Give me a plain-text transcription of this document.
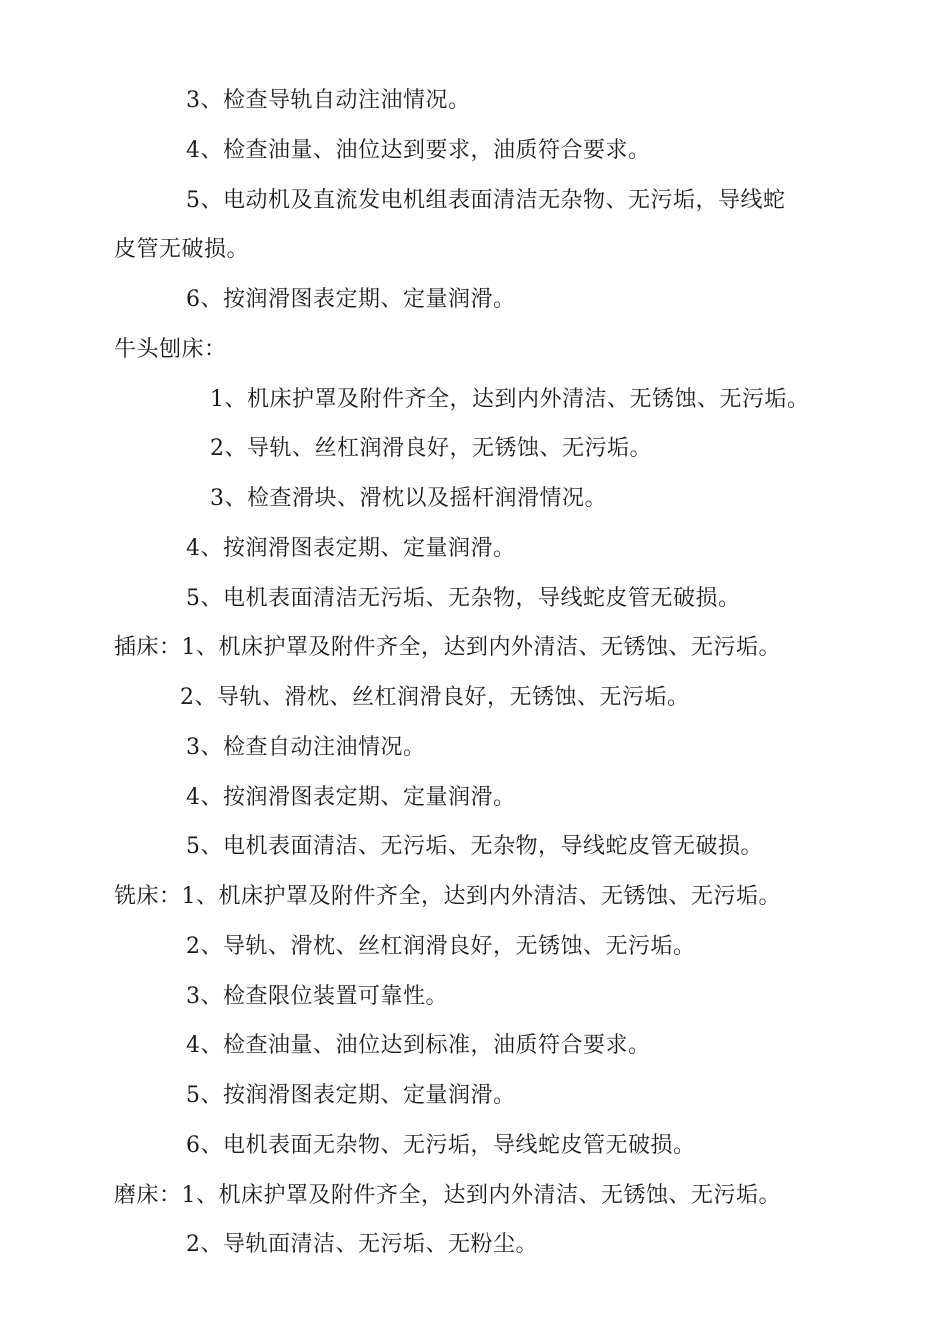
3、检查导轨自动注油情况。
4、检查油量、油位达到要求，油质符合要求。
5、电动机及直流发电机组表面清洁无杂物、无污垢，导线蛇
皮管无破损。
6、按润滑图表定期、定量润滑。
牛头刨床：
1、机床护罩及附件齐全，达到内外清洁、无锈蚀、无污垢。
2、导轨、丝杠润滑良好，无锈蚀、无污垢。
3、检查滑块、滑枕以及摇杆润滑情况。
4、按润滑图表定期、定量润滑。
5、电机表面清洁无污垢、无杂物，导线蛇皮管无破损。
插床：1、机床护罩及附件齐全，达到内外清洁、无锈蚀、无污垢。
2、导轨、滑枕、丝杠润滑良好，无锈蚀、无污垢。
3、检查自动注油情况。
4、按润滑图表定期、定量润滑。
5、电机表面清洁、无污垢、无杂物，导线蛇皮管无破损。
铣床：1、机床护罩及附件齐全，达到内外清洁、无锈蚀、无污垢。
2、导轨、滑枕、丝杠润滑良好，无锈蚀、无污垢。
3、检查限位装置可靠性。
4、检查油量、油位达到标准，油质符合要求。
5、按润滑图表定期、定量润滑。
6、电机表面无杂物、无污垢，导线蛇皮管无破损。
磨床：1、机床护罩及附件齐全，达到内外清洁、无锈蚀、无污垢。
2、导轨面清洁、无污垢、无粉尘。
